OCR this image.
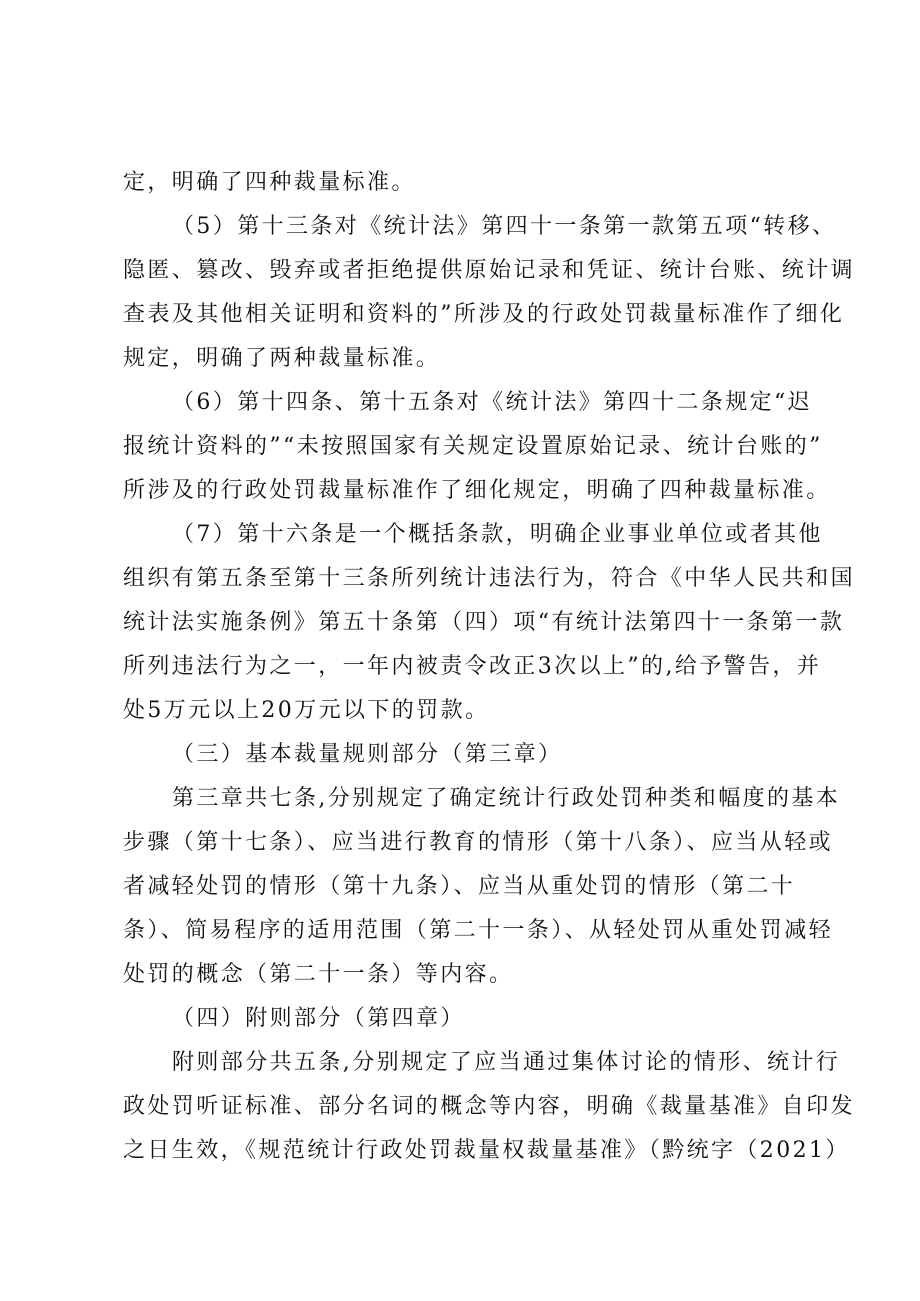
定，明确了四种裁量标准。
（5）第十三条对《统计法》第四十一条第一款第五项“转移、
隐匿、篡改、毁弃或者拒绝提供原始记录和凭证、统计台账、统计调
查表及其他相关证明和资料的”所涉及的行政处罚裁量标准作了细化
规定，明确了两种裁量标准。
（6）第十四条、第十五条对《统计法》第四十二条规定“迟
报统计资料的”“未按照国家有关规定设置原始记录、统计台账的”
所涉及的行政处罚裁量标准作了细化规定，明确了四种裁量标准。
（7）第十六条是一个概括条款，明确企业事业单位或者其他
组织有第五条至第十三条所列统计违法行为，符合《中华人民共和国
统计法实施条例》第五十条第（四）项“有统计法第四十一条第一款
所列违法行为之一，一年内被责令改正3次以上”的,给予警告，并
处5万元以上20万元以下的罚款。
（三）基本裁量规则部分（第三章）
第三章共七条,分别规定了确定统计行政处罚种类和幅度的基本
步骤（第十七条）、应当进行教育的情形（第十八条）、应当从轻或
者减轻处罚的情形（第十九条）、应当从重处罚的情形（第二十
条）、简易程序的适用范围（第二十一条）、从轻处罚从重处罚减轻
处罚的概念（第二十一条）等内容。
（四）附则部分（第四章）
附则部分共五条,分别规定了应当通过集体讨论的情形、统计行
政处罚听证标准、部分名词的概念等内容，明确《裁量基准》自印发
之日生效，《规范统计行政处罚裁量权裁量基准》（黔统字（2021）
